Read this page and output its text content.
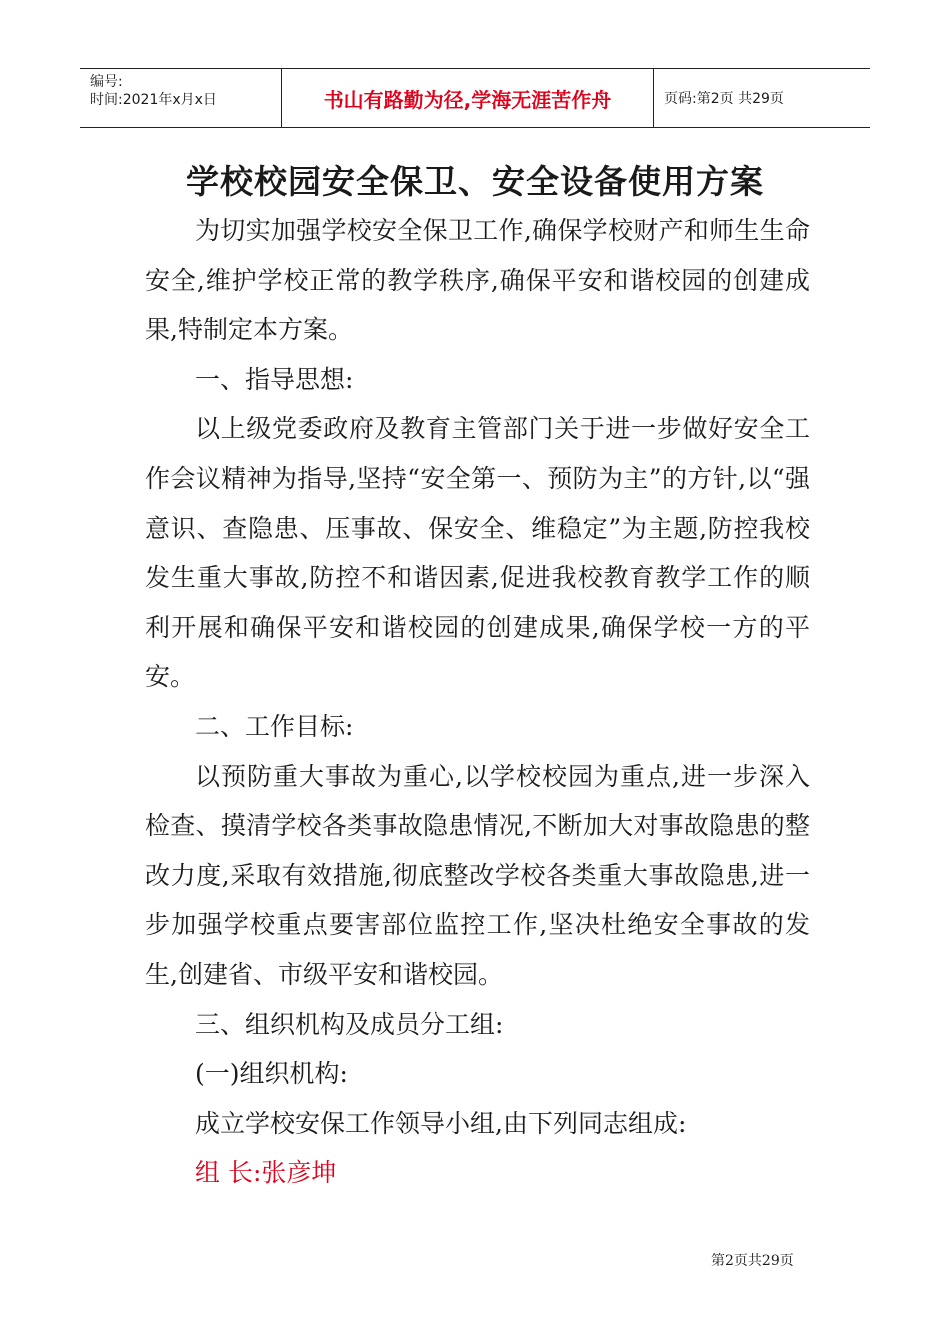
编号:
时间:2021年x月x日	书山有路勤为径,学海无涯苦作舟	页码:第2页 共29页
学校校园安全保卫、安全设备使用方案

为切实加强学校安全保卫工作,确保学校财产和师生生命安全,维护学校正常的教学秩序,确保平安和谐校园的创建成果,特制定本方案。

一、指导思想:

以上级党委政府及教育主管部门关于进一步做好安全工作会议精神为指导,坚持“安全第一、预防为主”的方针,以“强意识、查隐患、压事故、保安全、维稳定”为主题,防控我校发生重大事故,防控不和谐因素,促进我校教育教学工作的顺利开展和确保平安和谐校园的创建成果,确保学校一方的平安。

二、工作目标:

以预防重大事故为重心,以学校校园为重点,进一步深入检查、摸清学校各类事故隐患情况,不断加大对事故隐患的整改力度,采取有效措施,彻底整改学校各类重大事故隐患,进一步加强学校重点要害部位监控工作,坚决杜绝安全事故的发生,创建省、市级平安和谐校园。

三、组织机构及成员分工组:

(一)组织机构:

成立学校安保工作领导小组,由下列同志组成:

组 长:张彦坤

第2页共29页
